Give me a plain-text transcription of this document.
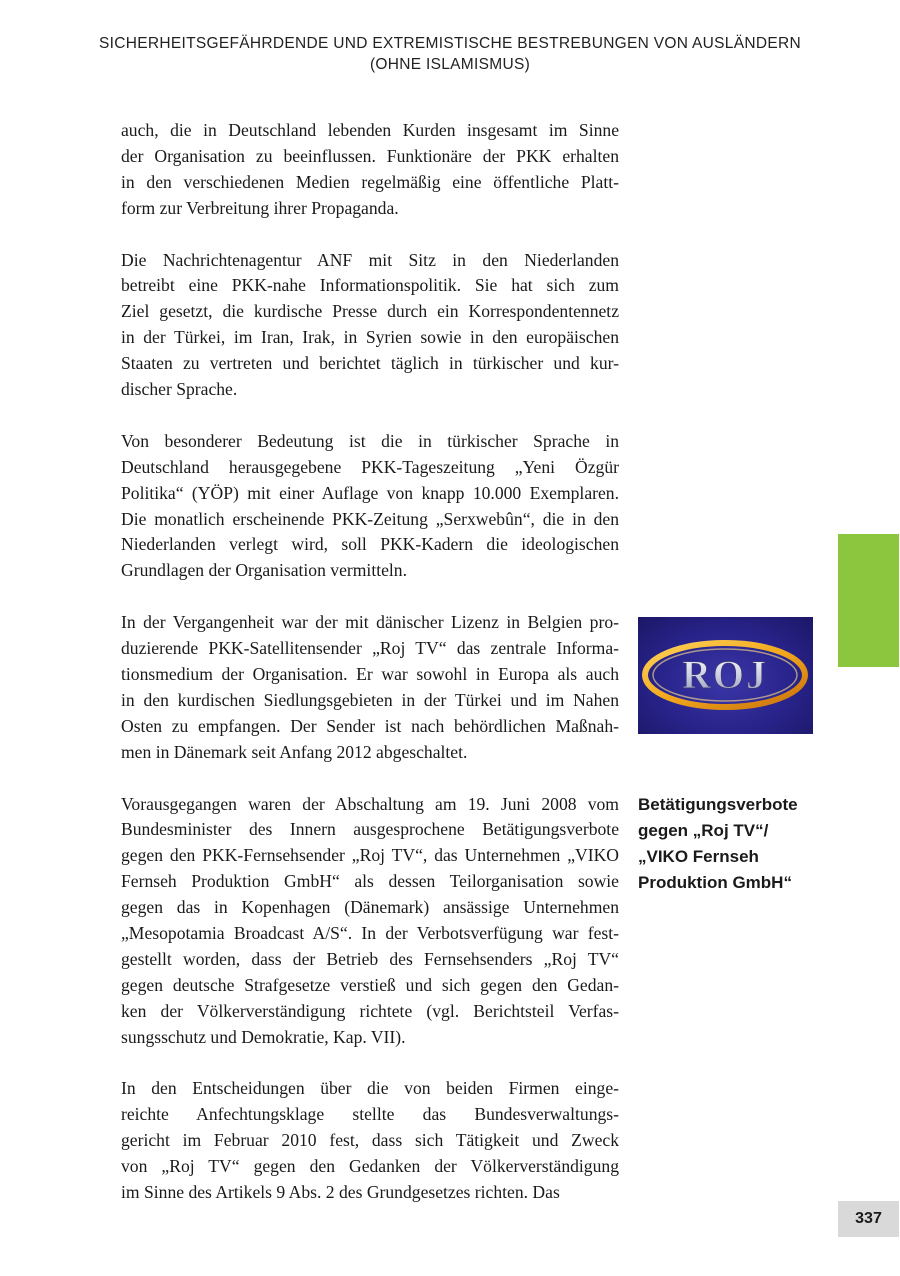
SICHERHEITSGEFÄHRDENDE UND EXTREMISTISCHE BESTREBUNGEN VON AUSLÄNDERN
(OHNE ISLAMISMUS)
auch, die in Deutschland lebenden Kurden insgesamt im Sinne
der Organisation zu beeinflussen. Funktionäre der PKK erhalten
in den verschiedenen Medien regelmäßig eine öffentliche Platt-
form zur Verbreitung ihrer Propaganda.
Die Nachrichtenagentur ANF mit Sitz in den Niederlanden
betreibt eine PKK-nahe Informationspolitik. Sie hat sich zum
Ziel gesetzt, die kurdische Presse durch ein Korrespondentennetz
in der Türkei, im Iran, Irak, in Syrien sowie in den europäischen
Staaten zu vertreten und berichtet täglich in türkischer und kur-
discher Sprache.
Von besonderer Bedeutung ist die in türkischer Sprache in
Deutschland herausgegebene PKK-Tageszeitung „Yeni Özgür
Politika“ (YÖP) mit einer Auflage von knapp 10.000 Exemplaren.
Die monatlich erscheinende PKK-Zeitung „Serxwebûn“, die in den
Niederlanden verlegt wird, soll PKK-Kadern die ideologischen
Grundlagen der Organisation vermitteln.
In der Vergangenheit war der mit dänischer Lizenz in Belgien pro-
duzierende PKK-Satellitensender „Roj TV“ das zentrale Informa-
tionsmedium der Organisation. Er war sowohl in Europa als auch
in den kurdischen Siedlungsgebieten in der Türkei und im Nahen
Osten zu empfangen. Der Sender ist nach behördlichen Maßnah-
men in Dänemark seit Anfang 2012 abgeschaltet.
Vorausgegangen waren der Abschaltung am 19. Juni 2008 vom
Bundesminister des Innern ausgesprochene Betätigungsverbote
gegen den PKK-Fernsehsender „Roj TV“, das Unternehmen „VIKO
Fernseh Produktion GmbH“ als dessen Teilorganisation sowie
gegen das in Kopenhagen (Dänemark) ansässige Unternehmen
„Mesopotamia Broadcast A/S“. In der Verbotsverfügung war fest-
gestellt worden, dass der Betrieb des Fernsehsenders „Roj TV“
gegen deutsche Strafgesetze verstieß und sich gegen den Gedan-
ken der Völkerverständigung richtete (vgl. Berichtsteil Verfas-
sungsschutz und Demokratie, Kap. VII).
In den Entscheidungen über die von beiden Firmen einge-
reichte Anfechtungsklage stellte das Bundesverwaltungs-
gericht im Februar 2010 fest, dass sich Tätigkeit und Zweck
von „Roj TV“ gegen den Gedanken der Völkerverständigung
im Sinne des Artikels 9 Abs. 2 des Grundgesetzes richten. Das
ROJ
Betätigungsverbote
gegen „Roj TV“/
„VIKO Fernseh
Produktion GmbH“
337
